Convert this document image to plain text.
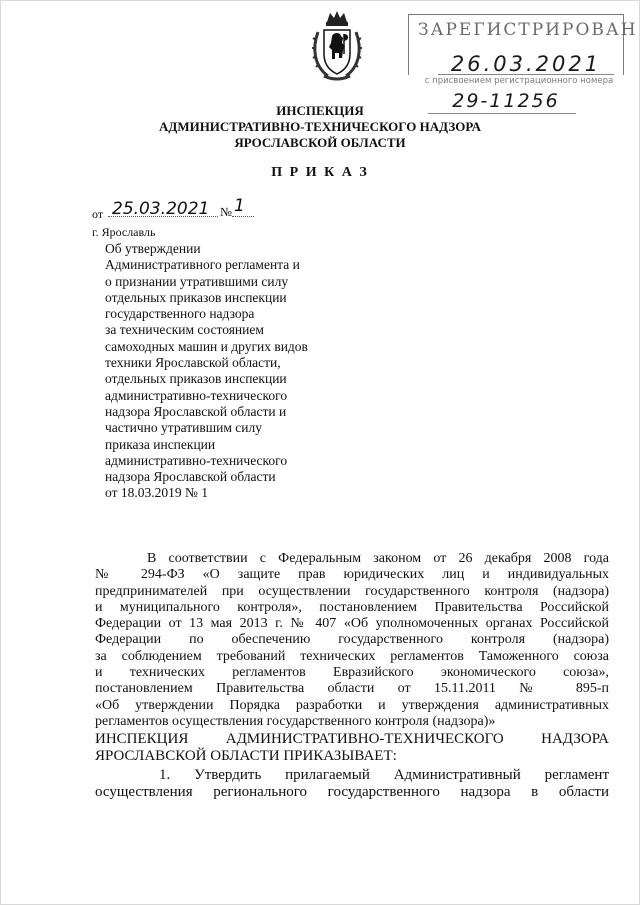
ЗАРЕГИСТРИРОВАН
26.03.2021
с присвоением регистрационного номера
29-11256
ИНСПЕКЦИЯ
АДМИНИСТРАТИВНО-ТЕХНИЧЕСКОГО НАДЗОРА
ЯРОСЛАВСКОЙ ОБЛАСТИ
П Р И К А З
от 25.03.2021 № 1
г. Ярославль
Об утверждении
Административного регламента и
о признании утратившими силу
отдельных приказов инспекции
государственного надзора
за техническим состоянием
самоходных машин и других видов
техники Ярославской области,
отдельных приказов инспекции
административно-технического
надзора Ярославской области и
частично утратившим силу
приказа инспекции
административно-технического
надзора Ярославской области
от 18.03.2019 № 1
В соответствии с Федеральным законом от 26 декабря 2008 года
№ 294-ФЗ «О защите прав юридических лиц и индивидуальных
предпринимателей при осуществлении государственного контроля (надзора)
и муниципального контроля», постановлением Правительства Российской
Федерации от 13 мая 2013 г. № 407 «Об уполномоченных органах Российской
Федерации по обеспечению государственного контроля (надзора)
за соблюдением требований технических регламентов Таможенного союза
и технических регламентов Евразийского экономического союза»,
постановлением Правительства области от 15.11.2011 № 895-п
«Об утверждении Порядка разработки и утверждения административных
регламентов осуществления государственного контроля (надзора)»
ИНСПЕКЦИЯ АДМИНИСТРАТИВНО-ТЕХНИЧЕСКОГО НАДЗОРА
ЯРОСЛАВСКОЙ ОБЛАСТИ ПРИКАЗЫВАЕТ:
1. Утвердить прилагаемый Административный регламент
осуществления регионального государственного надзора в области
